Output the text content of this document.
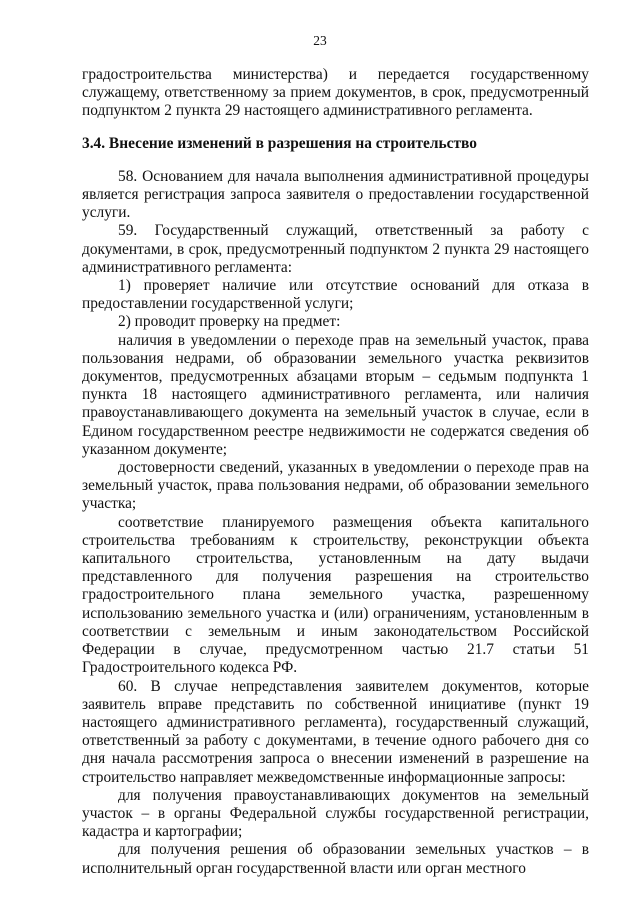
23

градостроительства министерства) и передается государственному служащему, ответственному за прием документов, в срок, предусмотренный подпунктом 2 пункта 29 настоящего административного регламента.

3.4. Внесение изменений в разрешения на строительство

58. Основанием для начала выполнения административной процедуры является регистрация запроса заявителя о предоставлении государственной услуги.

59. Государственный служащий, ответственный за работу с документами, в срок, предусмотренный подпунктом 2 пункта 29 настоящего административного регламента:

1) проверяет наличие или отсутствие оснований для отказа в предоставлении государственной услуги;

2) проводит проверку на предмет:

наличия в уведомлении о переходе прав на земельный участок, права пользования недрами, об образовании земельного участка реквизитов документов, предусмотренных абзацами вторым – седьмым подпункта 1 пункта 18 настоящего административного регламента, или наличия правоустанавливающего документа на земельный участок в случае, если в Едином государственном реестре недвижимости не содержатся сведения об указанном документе;

достоверности сведений, указанных в уведомлении о переходе прав на земельный участок, права пользования недрами, об образовании земельного участка;

соответствие планируемого размещения объекта капитального строительства требованиям к строительству, реконструкции объекта капитального строительства, установленным на дату выдачи представленного для получения разрешения на строительство градостроительного плана земельного участка, разрешенному использованию земельного участка и (или) ограничениям, установленным в соответствии с земельным и иным законодательством Российской Федерации в случае, предусмотренном частью 21.7 статьи 51 Градостроительного кодекса РФ.

60. В случае непредставления заявителем документов, которые заявитель вправе представить по собственной инициативе (пункт 19 настоящего административного регламента), государственный служащий, ответственный за работу с документами, в течение одного рабочего дня со дня начала рассмотрения запроса о внесении изменений в разрешение на строительство направляет межведомственные информационные запросы:

для получения правоустанавливающих документов на земельный участок – в органы Федеральной службы государственной регистрации, кадастра и картографии;

для получения решения об образовании земельных участков – в исполнительный орган государственной власти или орган местного
